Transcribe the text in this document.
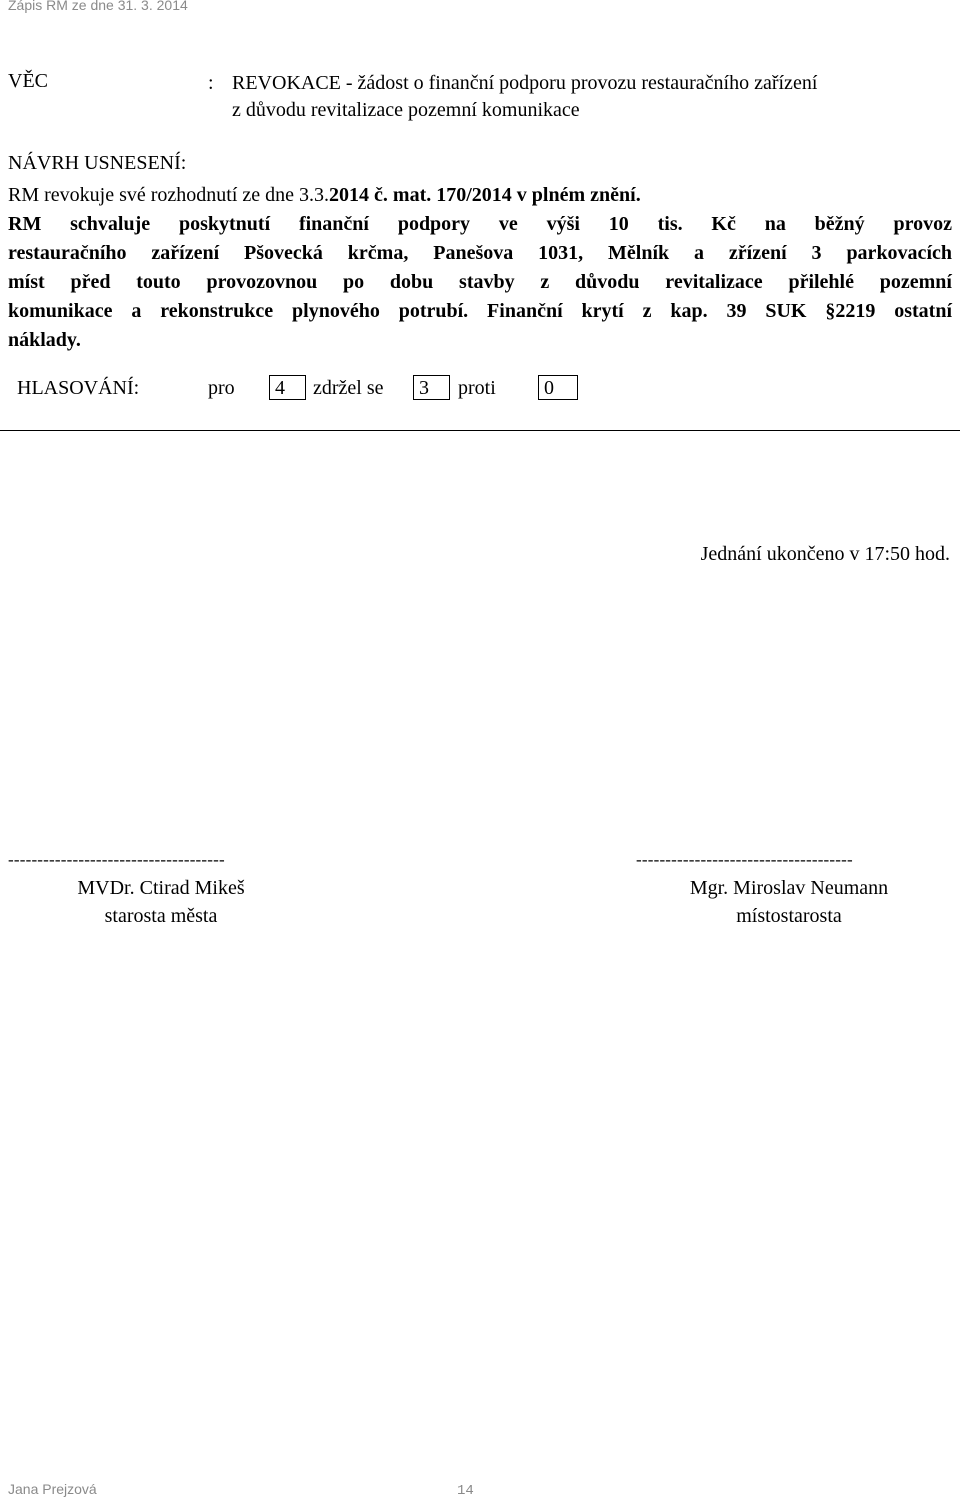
Zápis RM ze dne 31. 3. 2014
VĚC	: REVOKACE - žádost o finanční podporu provozu restauračního zařízení
z důvodu revitalizace pozemní komunikace
NÁVRH USNESENÍ:

RM revokuje své rozhodnutí ze dne 3.3.2014 č. mat. 170/2014 v plném znění.

RM schvaluje poskytnutí finanční podpory ve výši 10 tis. Kč na běžný provoz

restauračního zařízení Pšovecká krčma, Panešova 1031, Mělník a zřízení 3 parkovacích

míst před touto provozovnou po dobu stavby z důvodu revitalizace přilehlé pozemní

komunikace a rekonstrukce plynového potrubí. Finanční krytí z kap. 39 SUK §2219 ostatní

náklady.

HLASOVÁNÍ:	pro	4	zdržel se	3	proti	0
Jednání ukončeno v 17:50 hod.
-------------------------------------	-------------------------------------
MVDr. Ctirad Mikeš
starosta města
Mgr. Miroslav Neumann
místostarosta
Jana Prejzová	14
